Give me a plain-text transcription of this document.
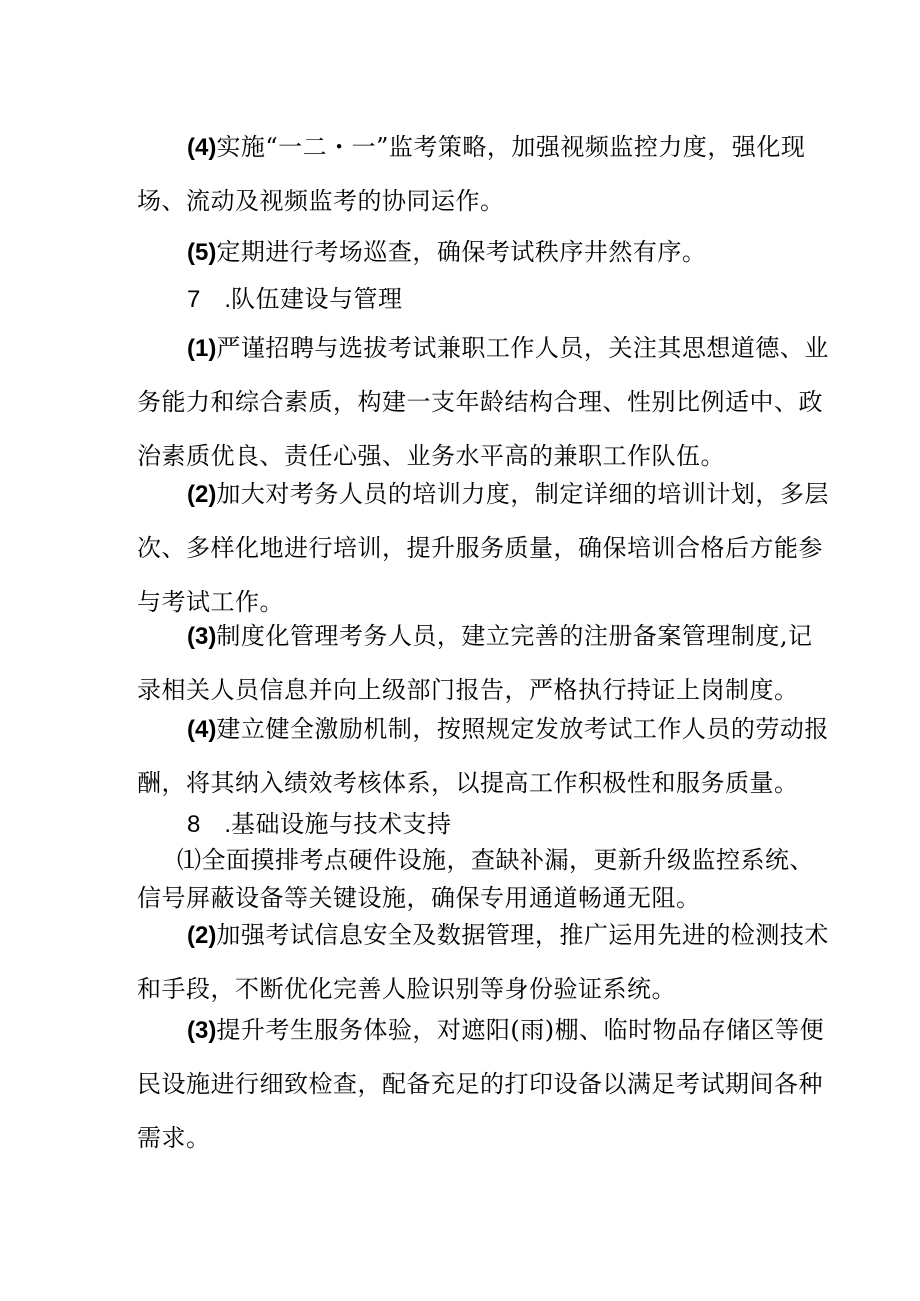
(4)实施“一二・一”监考策略，加强视频监控力度，强化现
场、流动及视频监考的协同运作。
(5)定期进行考场巡查，确保考试秩序井然有序。
7　.队伍建设与管理
(1)严谨招聘与选拔考试兼职工作人员，关注其思想道德、业
务能力和综合素质，构建一支年龄结构合理、性别比例适中、政
治素质优良、责任心强、业务水平高的兼职工作队伍。
(2)加大对考务人员的培训力度，制定详细的培训计划，多层
次、多样化地进行培训，提升服务质量，确保培训合格后方能参
与考试工作。
(3)制度化管理考务人员，建立完善的注册备案管理制度,记
录相关人员信息并向上级部门报告，严格执行持证上岗制度。
(4)建立健全激励机制，按照规定发放考试工作人员的劳动报
酬，将其纳入绩效考核体系，以提高工作积极性和服务质量。
8　.基础设施与技术支持
⑴全面摸排考点硬件设施，查缺补漏，更新升级监控系统、
信号屏蔽设备等关键设施，确保专用通道畅通无阻。
(2)加强考试信息安全及数据管理，推广运用先进的检测技术
和手段，不断优化完善人脸识别等身份验证系统。
(3)提升考生服务体验，对遮阳(雨)棚、临时物品存储区等便
民设施进行细致检查，配备充足的打印设备以满足考试期间各种
需求。
